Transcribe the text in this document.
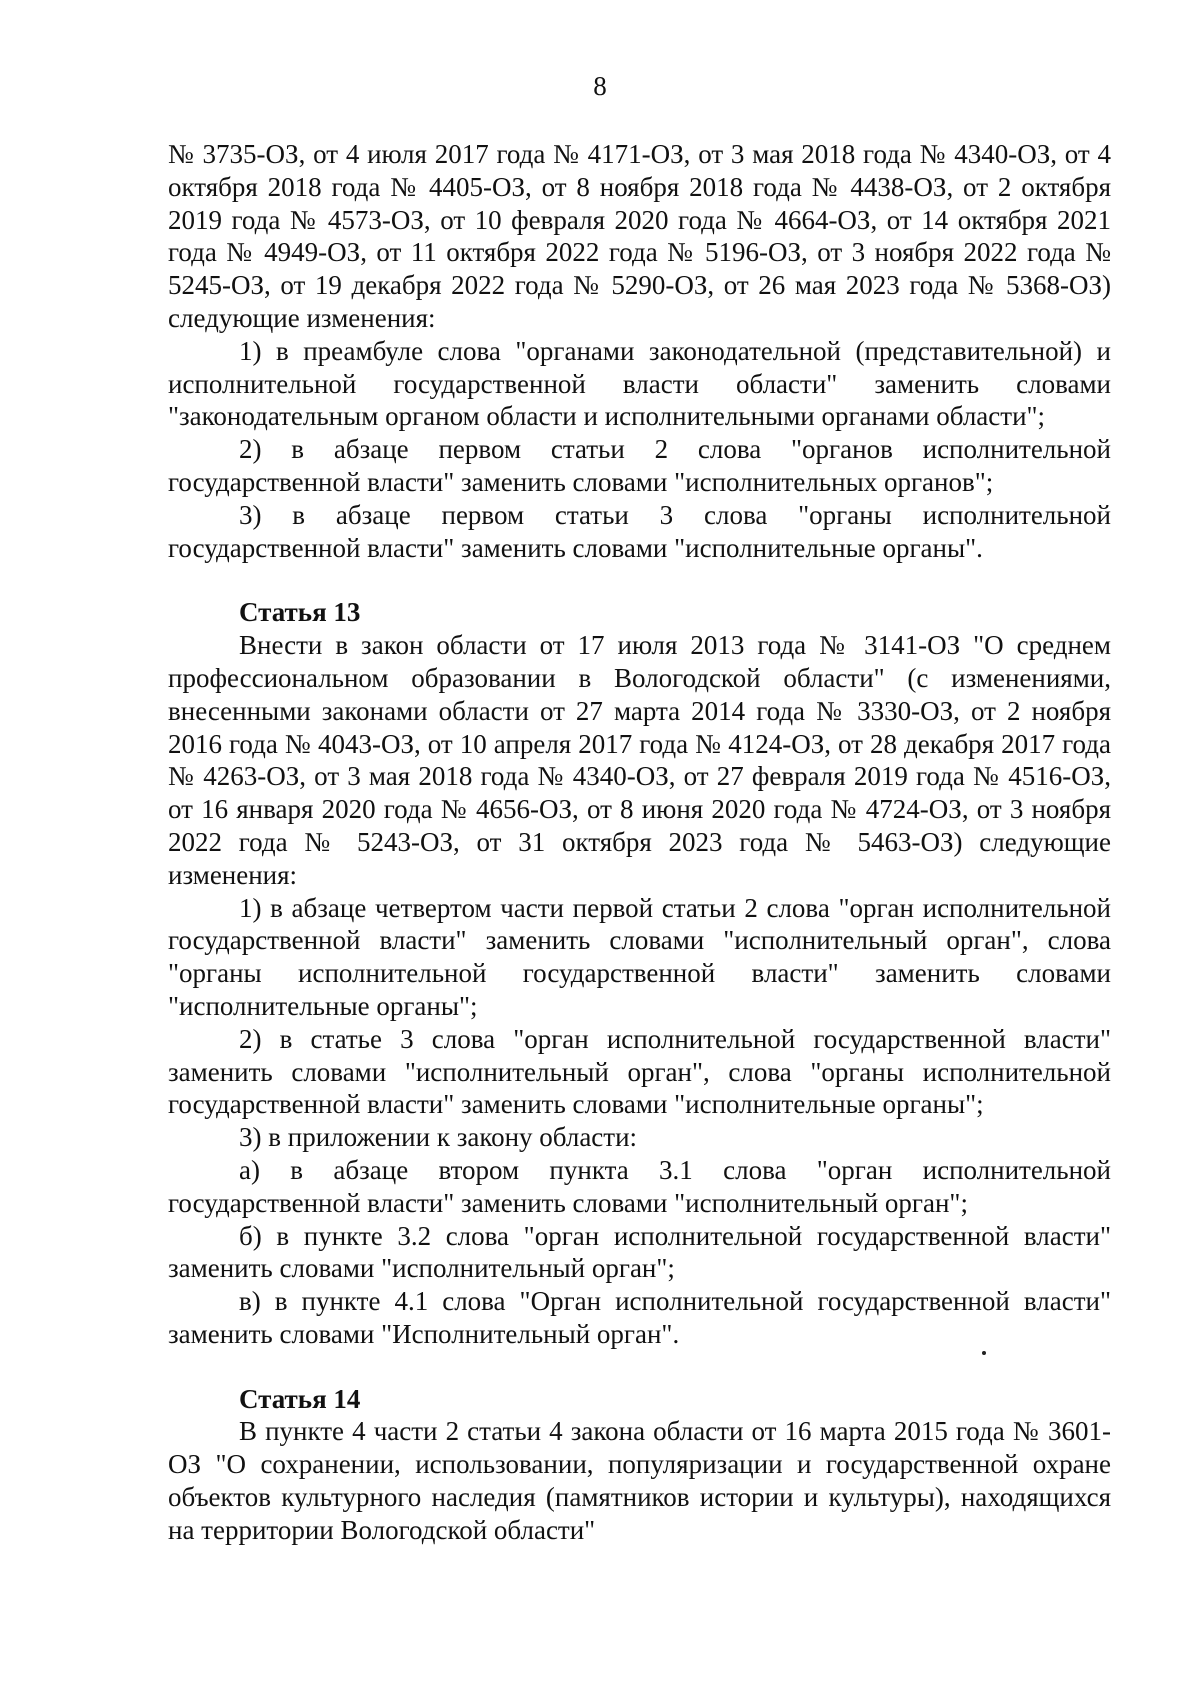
8

№ 3735-ОЗ, от 4 июля 2017 года № 4171-ОЗ, от 3 мая 2018 года № 4340-ОЗ, от 4 октября 2018 года № 4405-ОЗ, от 8 ноября 2018 года № 4438-ОЗ, от 2 октября 2019 года № 4573-ОЗ, от 10 февраля 2020 года № 4664-ОЗ, от 14 октября 2021 года № 4949-ОЗ, от 11 октября 2022 года № 5196-ОЗ, от 3 ноября 2022 года № 5245-ОЗ, от 19 декабря 2022 года № 5290-ОЗ, от 26 мая 2023 года № 5368-ОЗ) следующие изменения:

1) в преамбуле слова "органами законодательной (представительной) и исполнительной государственной власти области" заменить словами "законодательным органом области и исполнительными органами области";

2) в абзаце первом статьи 2 слова "органов исполнительной государственной власти" заменить словами "исполнительных органов";

3) в абзаце первом статьи 3 слова "органы исполнительной государственной власти" заменить словами "исполнительные органы".

Статья 13

Внести в закон области от 17 июля 2013 года № 3141-ОЗ "О среднем профессиональном образовании в Вологодской области" (с изменениями, внесенными законами области от 27 марта 2014 года № 3330-ОЗ, от 2 ноября 2016 года № 4043-ОЗ, от 10 апреля 2017 года № 4124-ОЗ, от 28 декабря 2017 года № 4263-ОЗ, от 3 мая 2018 года № 4340-ОЗ, от 27 февраля 2019 года № 4516-ОЗ, от 16 января 2020 года № 4656-ОЗ, от 8 июня 2020 года № 4724-ОЗ, от 3 ноября 2022 года № 5243-ОЗ, от 31 октября 2023 года № 5463-ОЗ) следующие изменения:

1) в абзаце четвертом части первой статьи 2 слова "орган исполнительной государственной власти" заменить словами "исполнительный орган", слова "органы исполнительной государственной власти" заменить словами "исполнительные органы";

2) в статье 3 слова "орган исполнительной государственной власти" заменить словами "исполнительный орган", слова "органы исполнительной государственной власти" заменить словами "исполнительные органы";

3) в приложении к закону области:

а) в абзаце втором пункта 3.1 слова "орган исполнительной государственной власти" заменить словами "исполнительный орган";

б) в пункте 3.2 слова "орган исполнительной государственной власти" заменить словами "исполнительный орган";

в) в пункте 4.1 слова "Орган исполнительной государственной власти" заменить словами "Исполнительный орган".

Статья 14

В пункте 4 части 2 статьи 4 закона области от 16 марта 2015 года № 3601-ОЗ "О сохранении, использовании, популяризации и государственной охране объектов культурного наследия (памятников истории и культуры), находящихся на территории Вологодской области"
